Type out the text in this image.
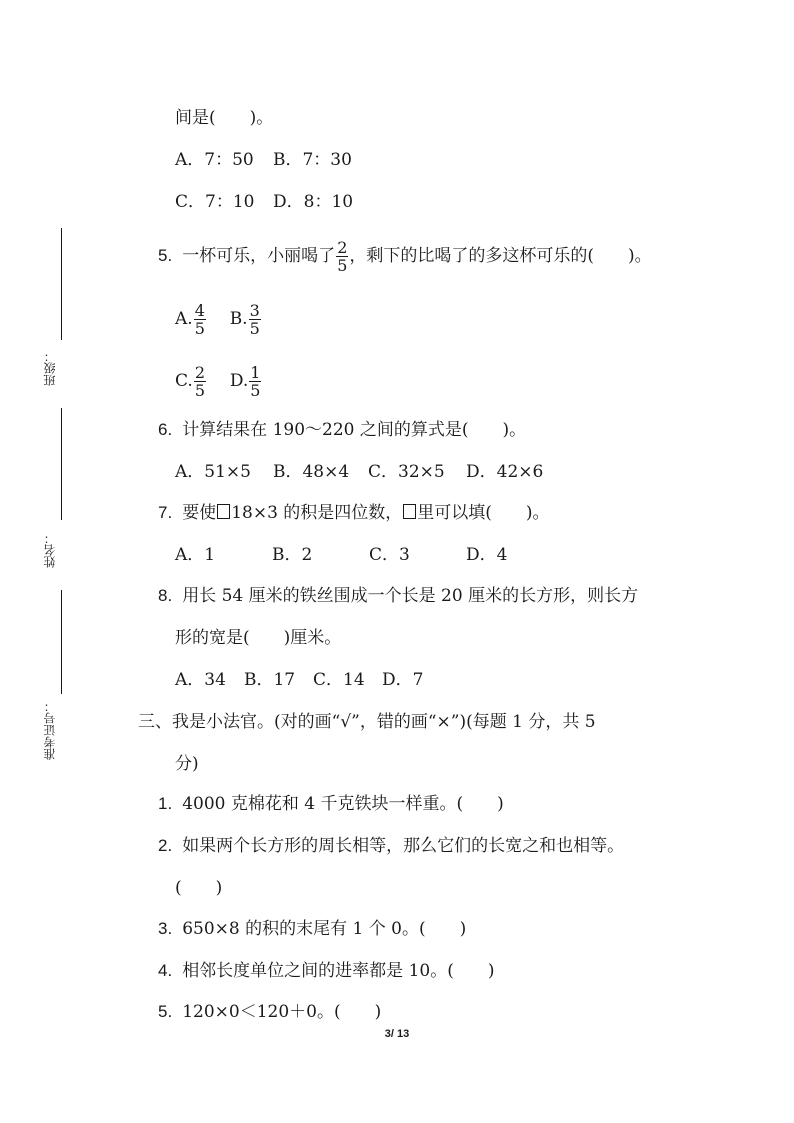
班级：
姓名：
准考证号：
间是(　　)。
A．7：50 B．7：30
C．7：10 D．8：10
5. 一杯可乐，小丽喝了 $\frac{2}{5}$ ，剩下的比喝了的多这杯可乐的(　　)。
A. $\frac{4}{5} B$. $\frac{3}{5}$
C. $\frac{2}{5} D$. $\frac{1}{5}$
6. 计算结果在 190～220 之间的算式是(　　)。
A．51×5 B．48×4 C．32×5 D．42×6
7. 要使 18×3 的积是四位数， 里可以填(　　)。
A．1	B．2	C．3	D．4
8. 用长 54 厘米的铁丝围成一个长是 20 厘米的长方形，则长方
形的宽是(　　)厘米。
A．34 B．17 C．14 D．7
三、我是小法官。(对的画“√”，错的画“×”)(每题 1 分，共 5
分)
1. 4000 克棉花和 4 千克铁块一样重。(　　)
2. 如果两个长方形的周长相等，那么它们的长宽之和也相等。
(　　)
3. 650×8 的积的末尾有 1 个 0。(　　)
4. 相邻长度单位之间的进率都是 10。(　　)
5. 120×0＜120＋0。(　　)
3/ 13
